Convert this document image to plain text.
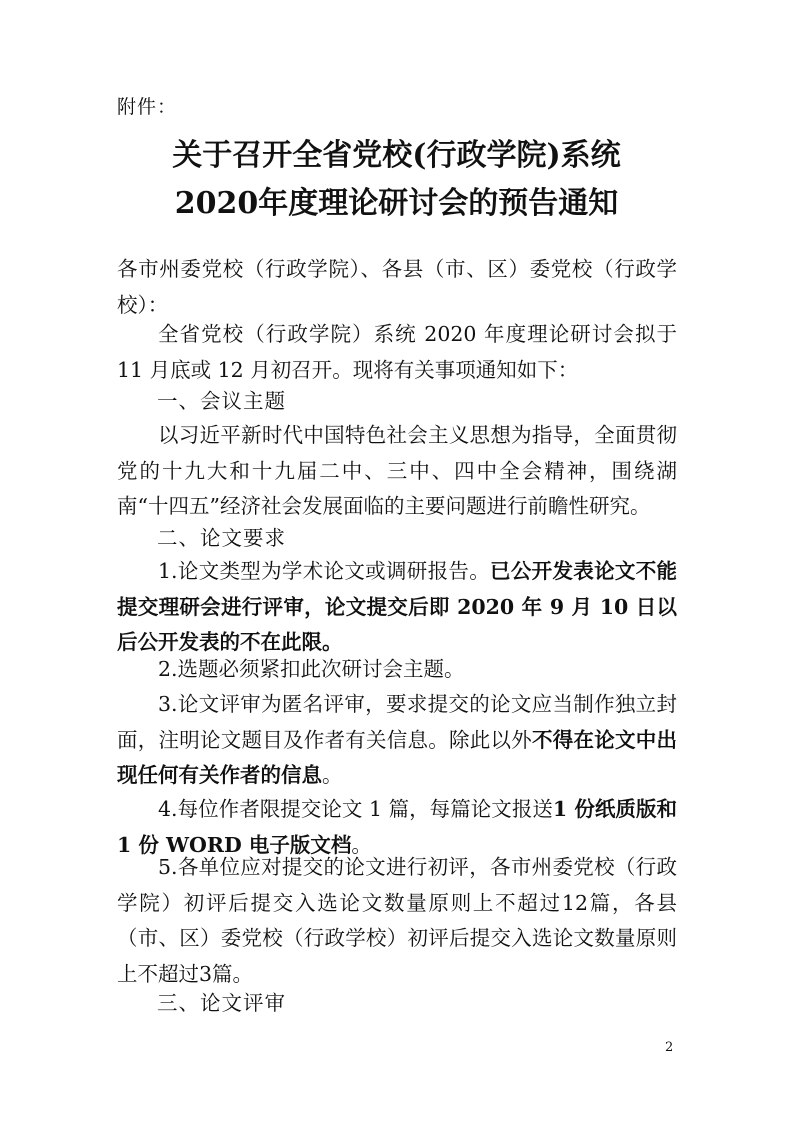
附件：
关于召开全省党校(行政学院)系统
2020年度理论研讨会的预告通知
各市州委党校（行政学院）、各县（市、区）委党校（行政学校）：
全省党校（行政学院）系统 2020 年度理论研讨会拟于 11 月底或 12 月初召开。现将有关事项通知如下：
一、会议主题
以习近平新时代中国特色社会主义思想为指导，全面贯彻党的十九大和十九届二中、三中、四中全会精神，围绕湖南“十四五”经济社会发展面临的主要问题进行前瞻性研究。
二、论文要求
1.论文类型为学术论文或调研报告。已公开发表论文不能提交理研会进行评审，论文提交后即 2020 年 9 月 10 日以后公开发表的不在此限。
2.选题必须紧扣此次研讨会主题。
3.论文评审为匿名评审，要求提交的论文应当制作独立封面，注明论文题目及作者有关信息。除此以外不得在论文中出现任何有关作者的信息。
4.每位作者限提交论文 1 篇，每篇论文报送1 份纸质版和 1 份 WORD 电子版文档。
5.各单位应对提交的论文进行初评，各市州委党校（行政学院）初评后提交入选论文数量原则上不超过12篇，各县（市、区）委党校（行政学校）初评后提交入选论文数量原则上不超过3篇。
三、论文评审
2
